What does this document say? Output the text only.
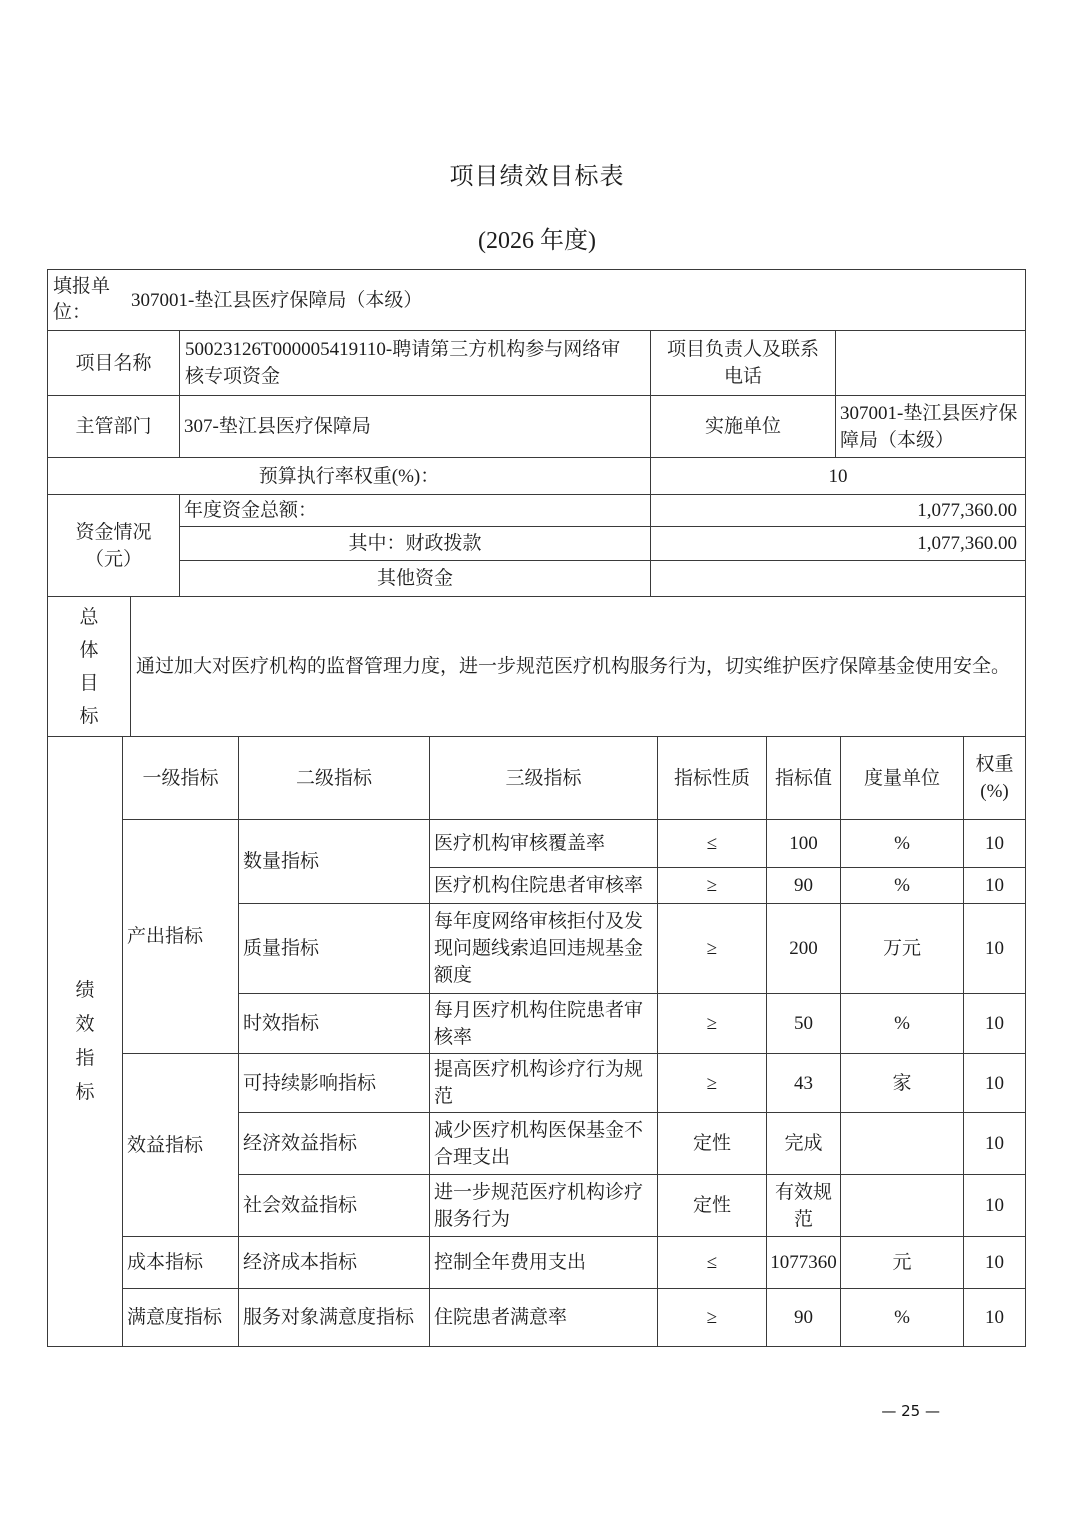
项目绩效目标表
(2026 年度)
填报单位：
307001-垫江县医疗保障局（本级）			

项目名称	50023126T000005419110-聘请第三方机构参与网络审核专项资金	项目负责人及联系电话	
主管部门	307-垫江县医疗保障局	实施单位	307001-垫江县医疗保障局（本级）
预算执行率权重(%)：		10	

资金情况
（元）	年度资金总额：	1,077,360.00	
	其中：财政拨款	1,077,360.00	
	其他资金		
总体目标
	通过加大对医疗机构的监督管理力度，进一步规范医疗机构服务行为，切实维护医疗保障基金使用安全。
绩效指标	一级指标	二级指标	三级指标	指标性质	指标值	度量单位	权重
(%)

	产出指标	数量指标	医疗机构审核覆盖率	≤	100	%	10
			医疗机构住院患者审核率	≥	90	%	10
		质量指标	每年度网络审核拒付及发现问题线索追回违规基金额度	≥	200	万元	10
		时效指标	每月医疗机构住院患者审核率	≥	50	%	10
	效益指标	可持续影响指标	提高医疗机构诊疗行为规范	≥	43	家	10
		经济效益指标	减少医疗机构医保基金不合理支出	定性	完成		10
		社会效益指标	进一步规范医疗机构诊疗服务行为	定性	有效规范		10
	成本指标	经济成本指标	控制全年费用支出	≤	1077360	元	10
	满意度指标	服务对象满意度指标	住院患者满意率	≥	90	%	10
— 25 —
